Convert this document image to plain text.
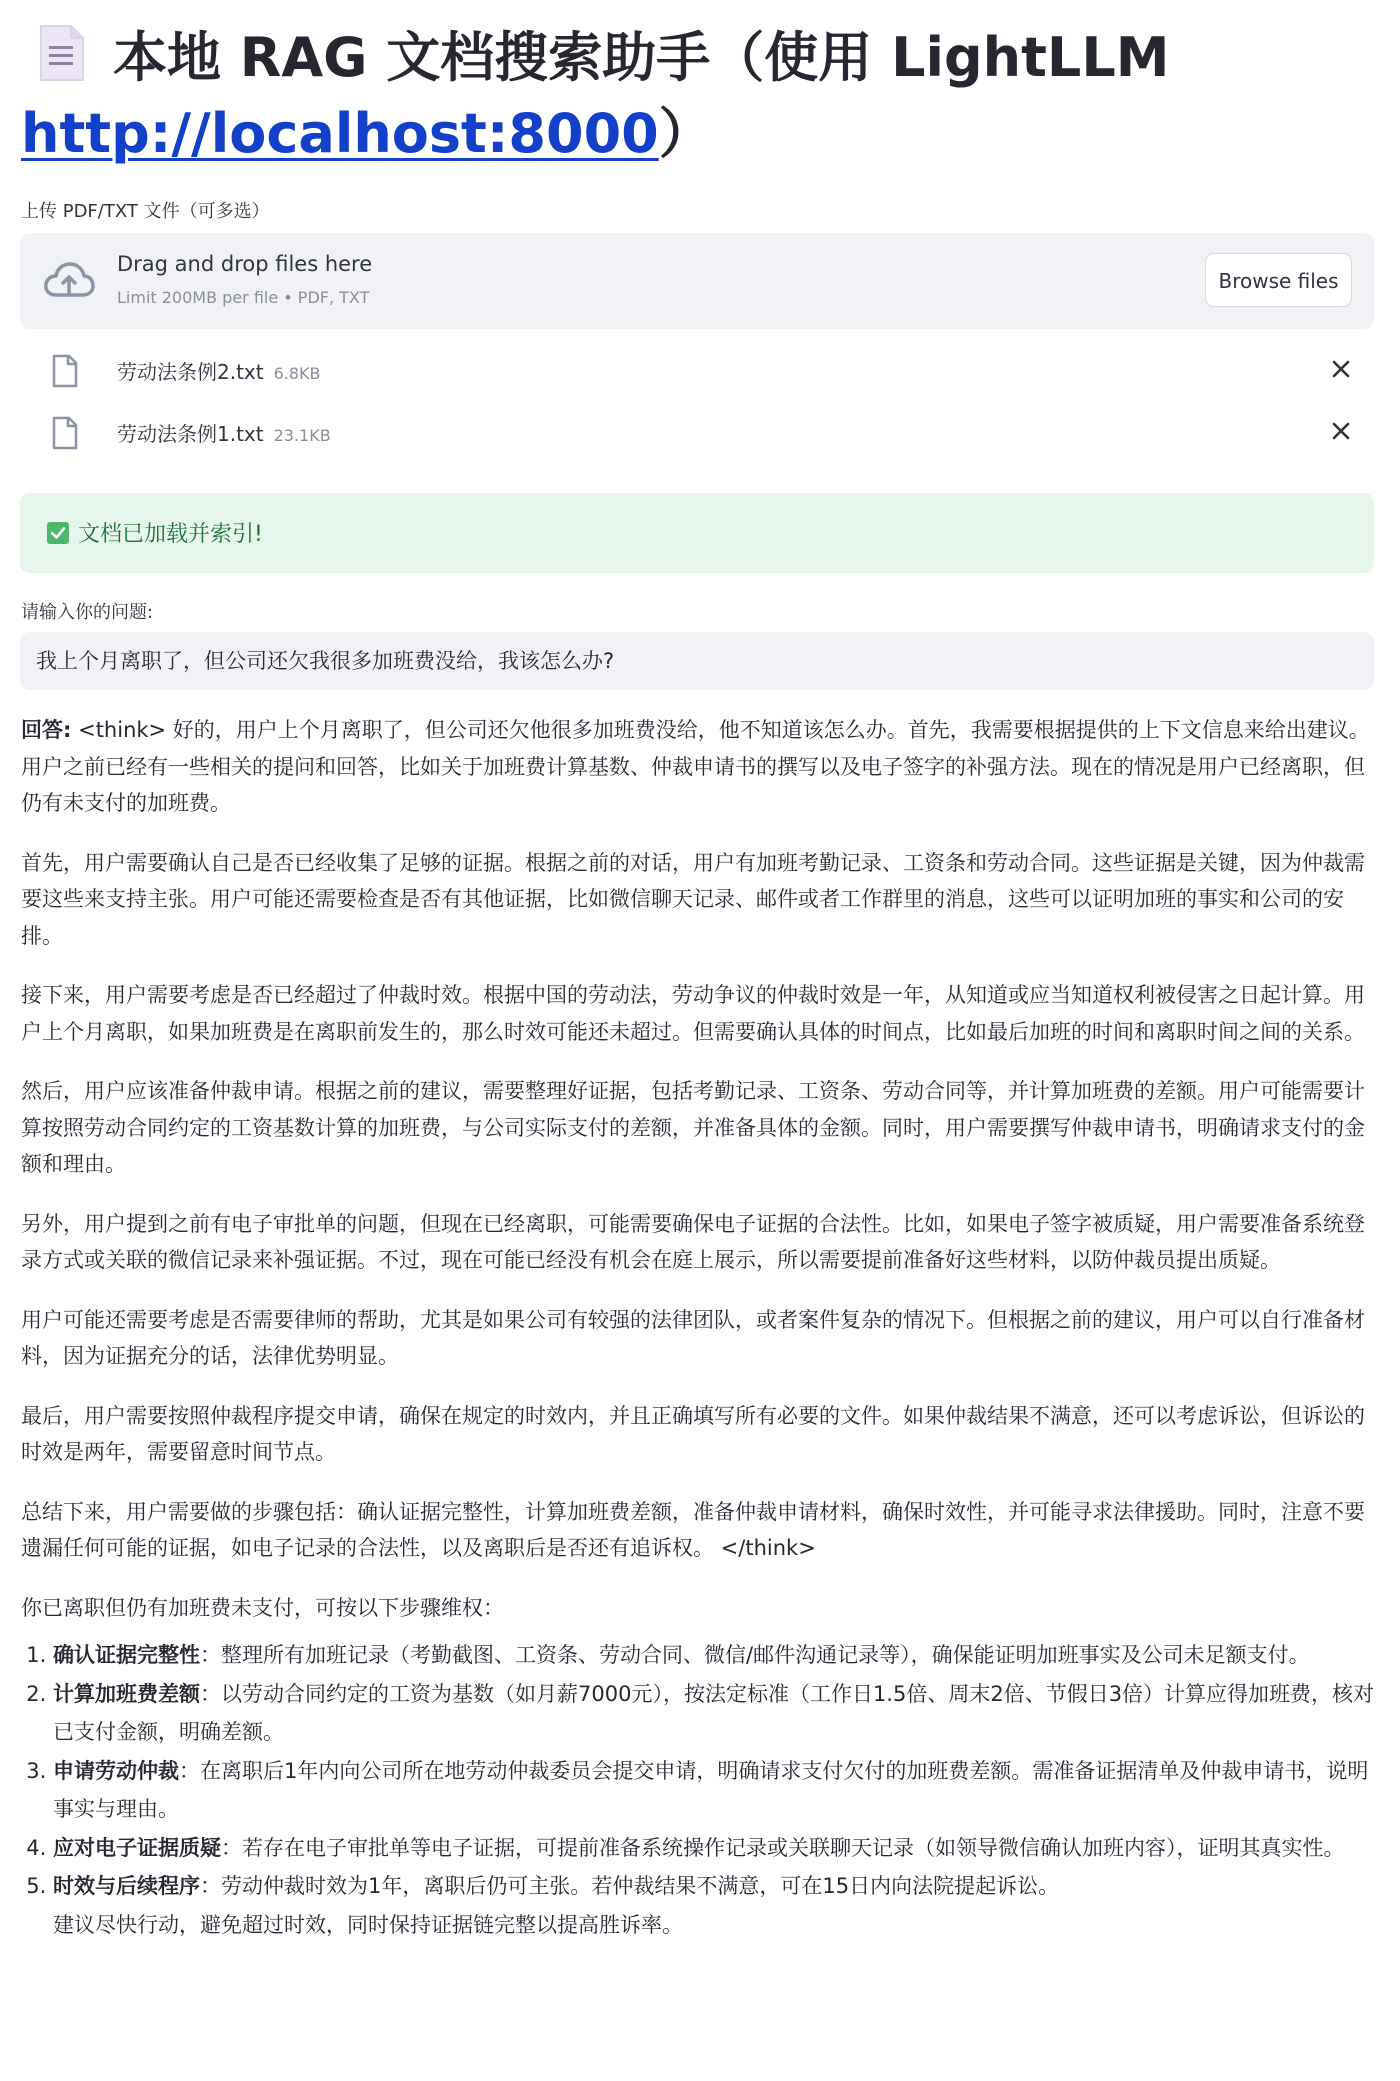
本地 RAG 文档搜索助手（使用 LightLLM http://localhost:8000）
上传 PDF/TXT 文件（可多选）
Drag and drop files here
Limit 200MB per file • PDF, TXT
Browse files
劳动法条例2.txt 6.8KB
劳动法条例1.txt 23.1KB
文档已加载并索引!
请输入你的问题:
我上个月离职了，但公司还欠我很多加班费没给，我该怎么办?

回答: <think> 好的，用户上个月离职了，但公司还欠他很多加班费没给，他不知道该怎么办。首先，我需要根据提供的上下文信息来给出建议。用户之前已经有一些相关的提问和回答，比如关于加班费计算基数、仲裁申请书的撰写以及电子签字的补强方法。现在的情况是用户已经离职，但仍有未支付的加班费。

首先，用户需要确认自己是否已经收集了足够的证据。根据之前的对话，用户有加班考勤记录、工资条和劳动合同。这些证据是关键，因为仲裁需要这些来支持主张。用户可能还需要检查是否有其他证据，比如微信聊天记录、邮件或者工作群里的消息，这些可以证明加班的事实和公司的安排。

接下来，用户需要考虑是否已经超过了仲裁时效。根据中国的劳动法，劳动争议的仲裁时效是一年，从知道或应当知道权利被侵害之日起计算。用户上个月离职，如果加班费是在离职前发生的，那么时效可能还未超过。但需要确认具体的时间点，比如最后加班的时间和离职时间之间的关系。

然后，用户应该准备仲裁申请。根据之前的建议，需要整理好证据，包括考勤记录、工资条、劳动合同等，并计算加班费的差额。用户可能需要计算按照劳动合同约定的工资基数计算的加班费，与公司实际支付的差额，并准备具体的金额。同时，用户需要撰写仲裁申请书，明确请求支付的金额和理由。

另外，用户提到之前有电子审批单的问题，但现在已经离职，可能需要确保电子证据的合法性。比如，如果电子签字被质疑，用户需要准备系统登录方式或关联的微信记录来补强证据。不过，现在可能已经没有机会在庭上展示，所以需要提前准备好这些材料，以防仲裁员提出质疑。

用户可能还需要考虑是否需要律师的帮助，尤其是如果公司有较强的法律团队，或者案件复杂的情况下。但根据之前的建议，用户可以自行准备材料，因为证据充分的话，法律优势明显。

最后，用户需要按照仲裁程序提交申请，确保在规定的时效内，并且正确填写所有必要的文件。如果仲裁结果不满意，还可以考虑诉讼，但诉讼的时效是两年，需要留意时间节点。

总结下来，用户需要做的步骤包括：确认证据完整性，计算加班费差额，准备仲裁申请材料，确保时效性，并可能寻求法律援助。同时，注意不要遗漏任何可能的证据，如电子记录的合法性，以及离职后是否还有追诉权。 </think>

你已离职但仍有加班费未支付，可按以下步骤维权：

1. 确认证据完整性：整理所有加班记录（考勤截图、工资条、劳动合同、微信/邮件沟通记录等），确保能证明加班事实及公司未足额支付。
2. 计算加班费差额：以劳动合同约定的工资为基数（如月薪7000元），按法定标准（工作日1.5倍、周末2倍、节假日3倍）计算应得加班费，核对已支付金额，明确差额。
3. 申请劳动仲裁：在离职后1年内向公司所在地劳动仲裁委员会提交申请，明确请求支付欠付的加班费差额。需准备证据清单及仲裁申请书，说明事实与理由。
4. 应对电子证据质疑：若存在电子审批单等电子证据，可提前准备系统操作记录或关联聊天记录（如领导微信确认加班内容），证明其真实性。
5. 时效与后续程序：劳动仲裁时效为1年，离职后仍可主张。若仲裁结果不满意，可在15日内向法院提起诉讼。
建议尽快行动，避免超过时效，同时保持证据链完整以提高胜诉率。
